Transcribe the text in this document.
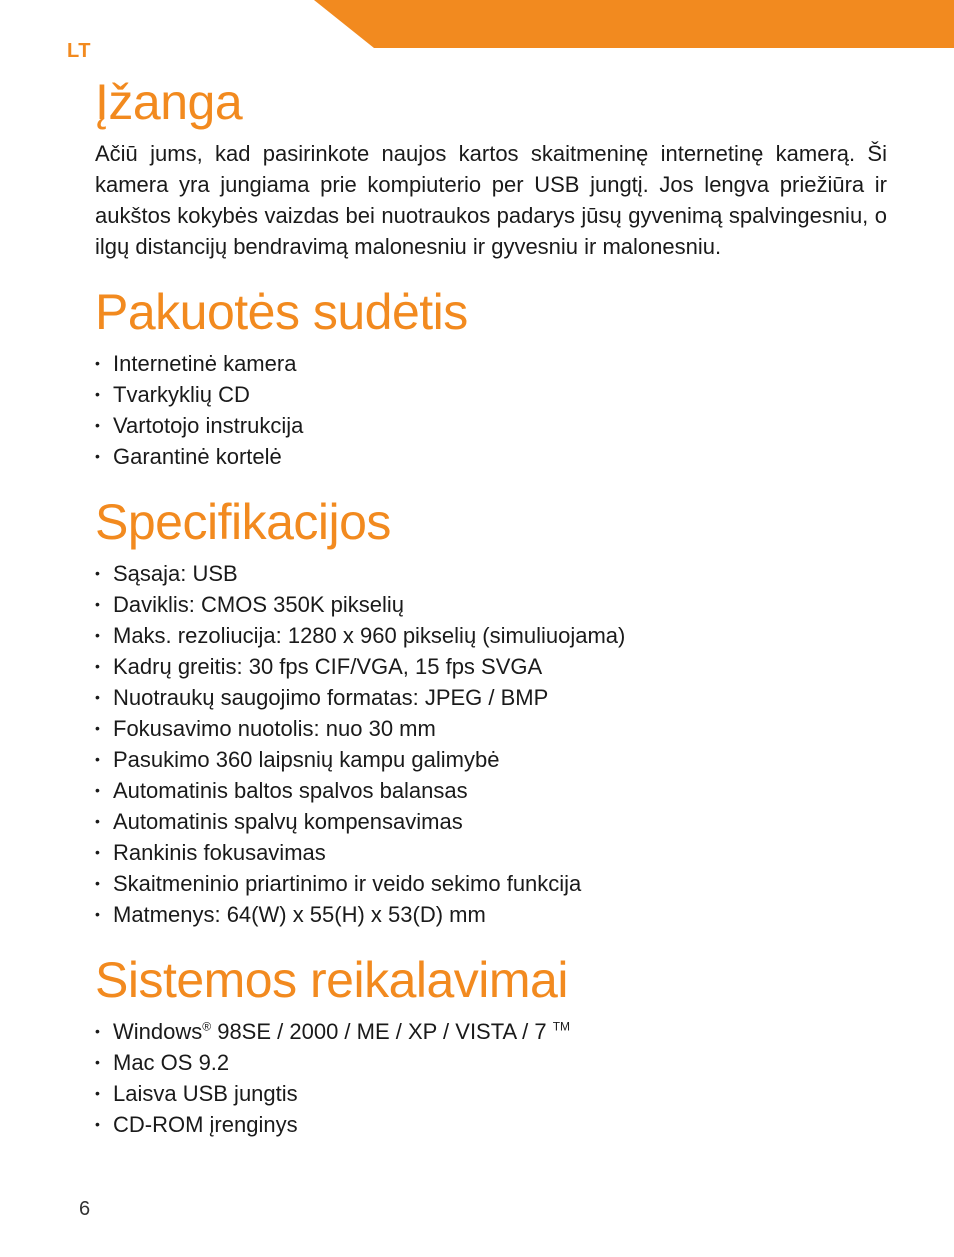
LT
Įžanga

Ačiū jums, kad pasirinkote naujos kartos skaitmeninę internetinę kamerą. Ši kamera yra jungiama prie kompiuterio per USB jungtį. Jos lengva priežiūra ir aukštos kokybės vaizdas bei nuotraukos padarys jūsų gyvenimą spalvingesniu, o ilgų distancijų bendravimą malonesniu ir gyvesniu ir malonesniu.

Pakuotės sudėtis
• Internetinė kamera
• Tvarkyklių CD
• Vartotojo instrukcija
• Garantinė kortelė
Specifikacijos
• Sąsaja: USB
• Daviklis: CMOS 350K pikselių
• Maks. rezoliucija: 1280 x 960 pikselių (simuliuojama)
• Kadrų greitis: 30 fps CIF/VGA, 15 fps SVGA
• Nuotraukų saugojimo formatas: JPEG / BMP
• Fokusavimo nuotolis: nuo 30 mm
• Pasukimo 360 laipsnių kampu galimybė
• Automatinis baltos spalvos balansas
• Automatinis spalvų kompensavimas
• Rankinis fokusavimas
• Skaitmeninio priartinimo ir veido sekimo funkcija
• Matmenys: 64(W) x 55(H) x 53(D) mm
Sistemos reikalavimai
• Windows® 98SE / 2000 / ME / XP / VISTA / 7 ™
• Mac OS 9.2
• Laisva USB jungtis
• CD-ROM įrenginys
6
